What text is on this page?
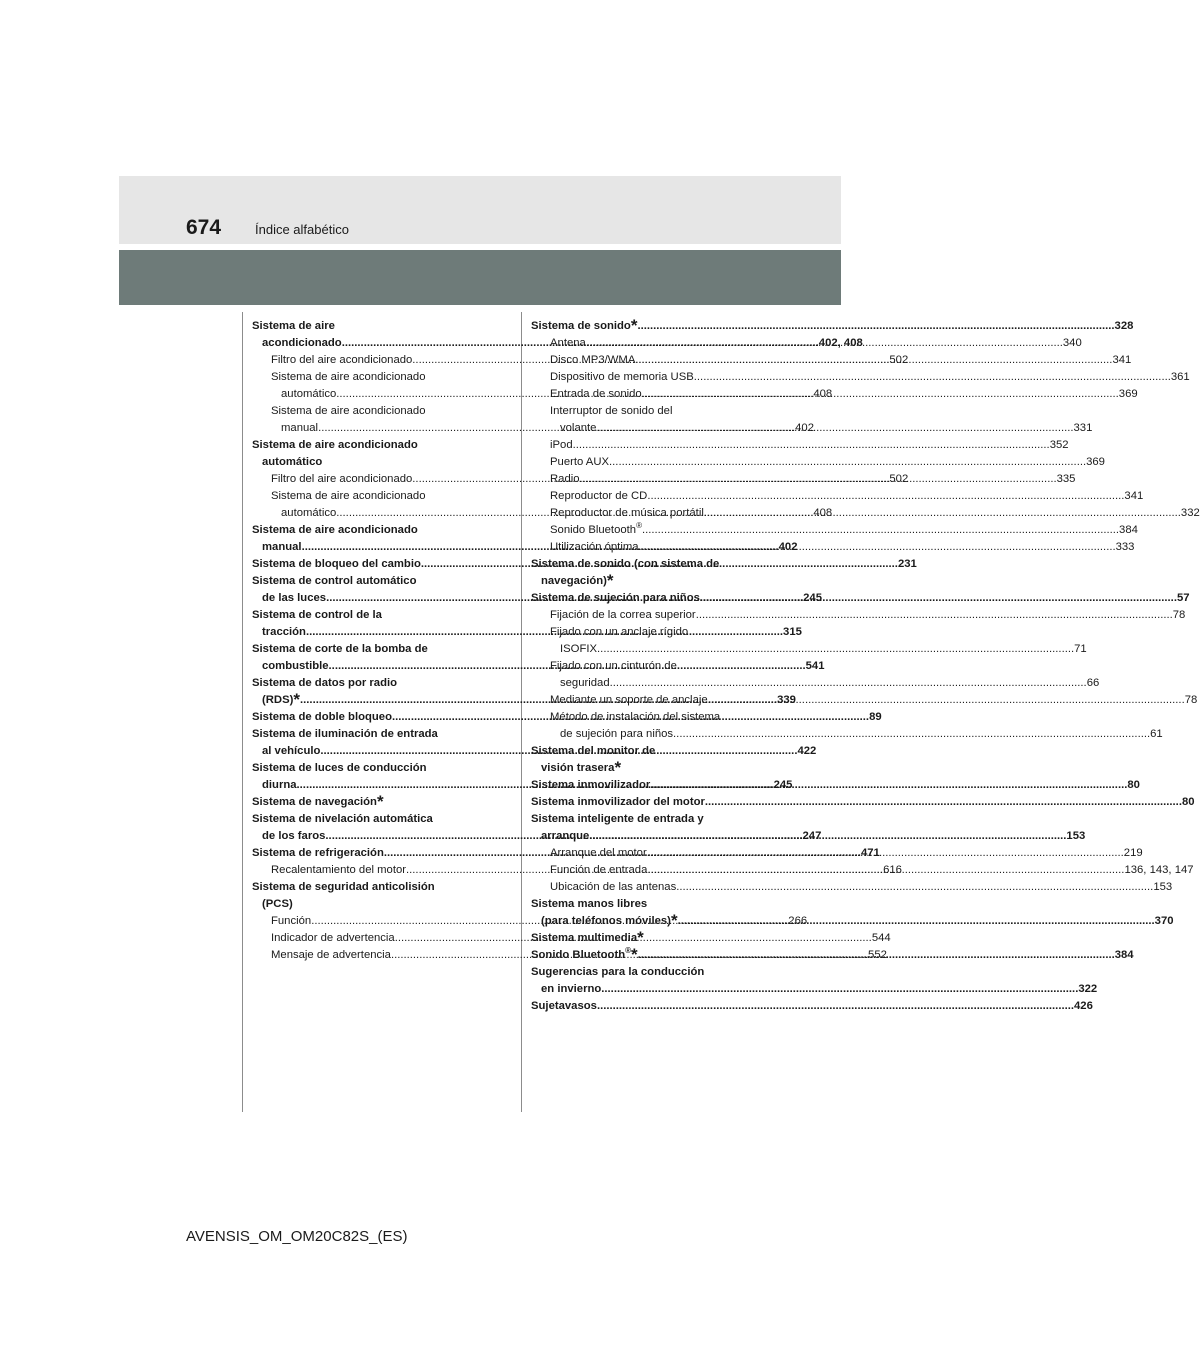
674	Índice alfabético
Sistema de aire
acondicionado .....	402, 408
Filtro del aire acondicionado .....	502
Sistema de aire acondicionado
automático .....	408
Sistema de aire acondicionado
manual .....	402
Sistema de aire acondicionado
automático
Filtro del aire acondicionado .....	502
Sistema de aire acondicionado
automático .....	408
Sistema de aire acondicionado
manual .....	402
Sistema de bloqueo del cambio .....	231
Sistema de control automático
de las luces .....	245
Sistema de control de la
tracción .....	315
Sistema de corte de la bomba de
combustible .....	541
Sistema de datos por radio
(RDS)* .....	339
Sistema de doble bloqueo .....	89
Sistema de iluminación de entrada
al vehículo .....	422
Sistema de luces de conducción
diurna .....	245
Sistema de navegación*
Sistema de nivelación automática
de los faros .....	247
Sistema de refrigeración .....	471
Recalentamiento del motor .....	616
Sistema de seguridad anticolisión
(PCS)
Función .....	266
Indicador de advertencia .....	544
Mensaje de advertencia .....	552
Sistema de sonido* .....	328
Antena .....	340
Disco MP3/WMA .....	341
Dispositivo de memoria USB .....	361
Entrada de sonido .....	369
Interruptor de sonido del
volante .....	331
iPod .....	352
Puerto AUX .....	369
Radio .....	335
Reproductor de CD .....	341
Reproductor de música portátil .....	332
Sonido Bluetooth® .....	384
Utilización óptima .....	333
Sistema de sonido (con sistema de
navegación)*
Sistema de sujeción para niños .....	57
Fijación de la correa superior .....	78
Fijado con un anclaje rígido
ISOFIX .....	71
Fijado con un cinturón de
seguridad .....	66
Mediante un soporte de anclaje .....	78
Método de instalación del sistema
de sujeción para niños .....	61
Sistema del monitor de
visión trasera*
Sistema inmovilizador .....	80
Sistema inmovilizador del motor .....	80
Sistema inteligente de entrada y
arranque .....	153
Arranque del motor .....	219
Función de entrada .....	136, 143, 147
Ubicación de las antenas .....	153
Sistema manos libres
(para teléfonos móviles)* .....	370
Sistema multimedia*
Sonido Bluetooth®* .....	384
Sugerencias para la conducción
en invierno .....	322
Sujetavasos .....	426
AVENSIS_OM_OM20C82S_(ES)
